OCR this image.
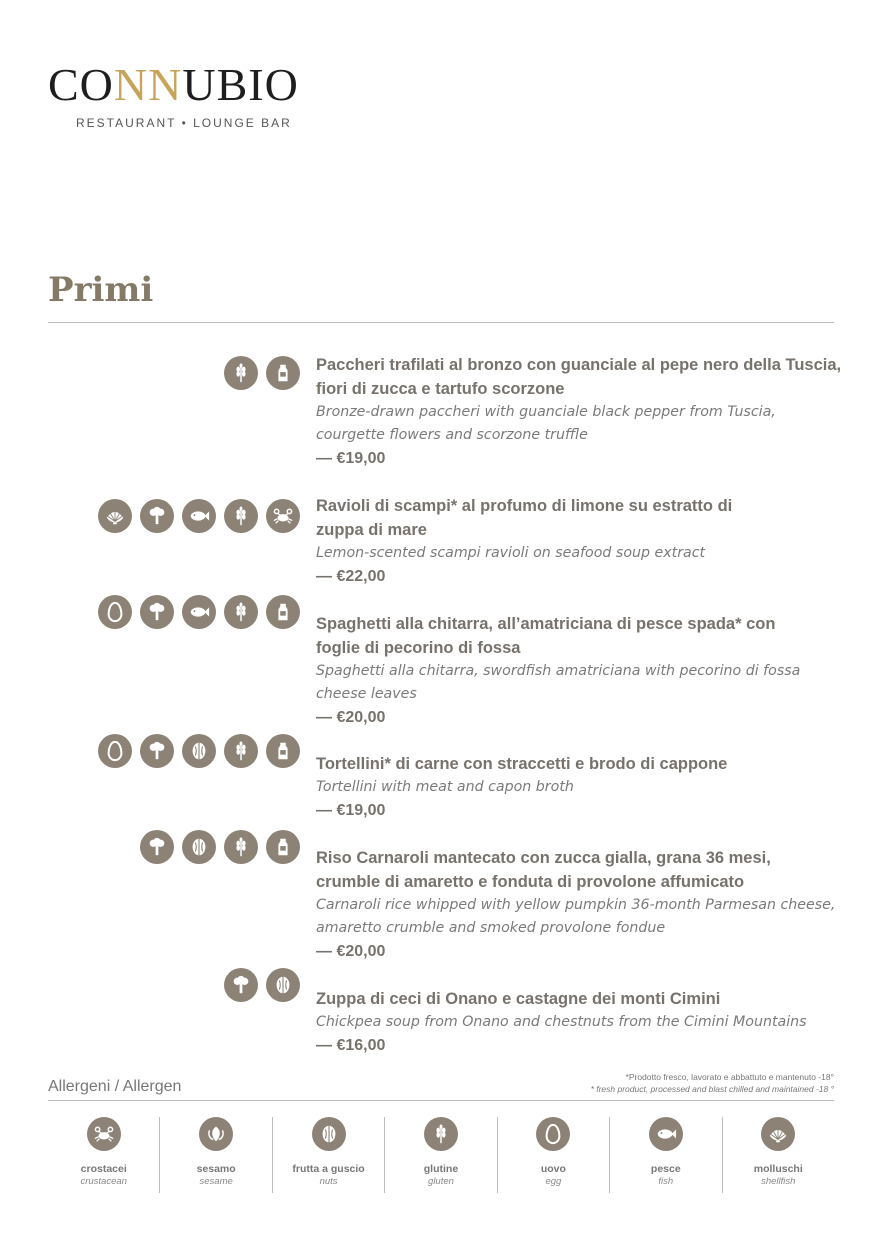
CONNUBIO
RESTAURANT • LOUNGE BAR
Primi
Paccheri trafilati al bronzo con guanciale al pepe nero della Tuscia, fiori di zucca e tartufo scorzone
Bronze-drawn paccheri with guanciale black pepper from Tuscia, courgette flowers and scorzone truffle
— €19,00
Ravioli di scampi* al profumo di limone su estratto di zuppa di mare
Lemon-scented scampi ravioli on seafood soup extract
— €22,00
Spaghetti alla chitarra, all’amatriciana di pesce spada* con foglie di pecorino di fossa
Spaghetti alla chitarra, swordfish amatriciana with pecorino di fossa cheese leaves
— €20,00
Tortellini* di carne con straccetti e brodo di cappone
Tortellini with meat and capon broth
— €19,00
Riso Carnaroli mantecato con zucca gialla, grana 36 mesi, crumble di amaretto e fonduta di provolone affumicato
Carnaroli rice whipped with yellow pumpkin 36-month Parmesan cheese, amaretto crumble and smoked provolone fondue
— €20,00
Zuppa di ceci di Onano e castagne dei monti Cimini
Chickpea soup from Onano and chestnuts from the Cimini Mountains
— €16,00
Allergeni / Allergen
*Prodotto fresco, lavorato e abbattuto e mantenuto -18°
* fresh product, processed and blast chilled and maintained -18 °
crostacei
crustacean
sesamo
sesame
frutta a guscio
nuts
glutine
gluten
uovo
egg
pesce
fish
molluschi
shellfish
